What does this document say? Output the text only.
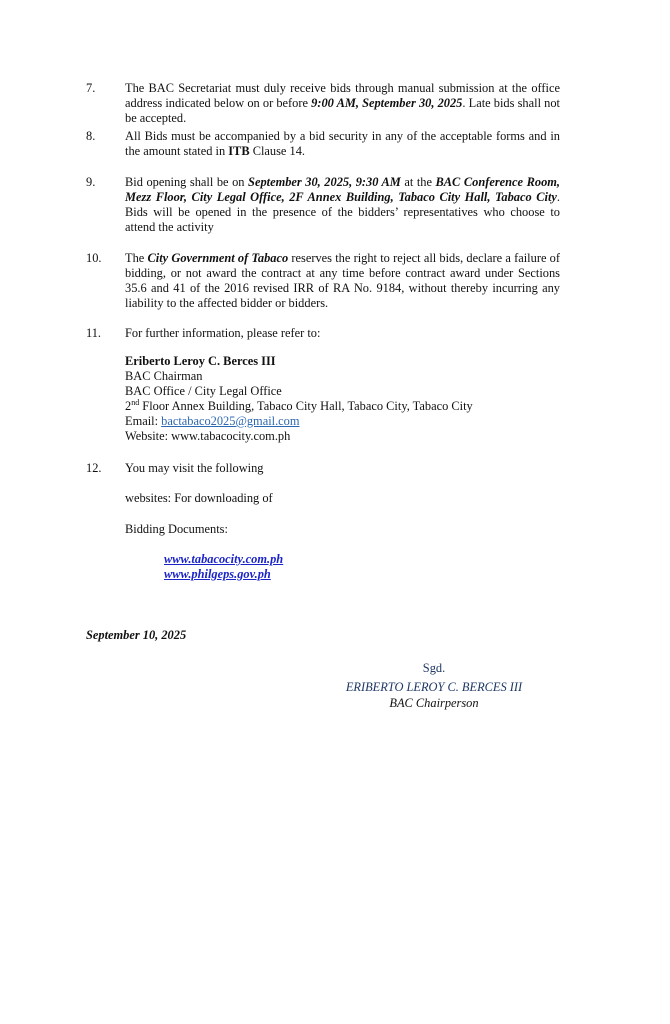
7. The BAC Secretariat must duly receive bids through manual submission at the office address indicated below on or before 9:00 AM, September 30, 2025. Late bids shall not be accepted.

8. All Bids must be accompanied by a bid security in any of the acceptable forms and in the amount stated in ITB Clause 14.

9. Bid opening shall be on September 30, 2025, 9:30 AM at the BAC Conference Room, Mezz Floor, City Legal Office, 2F Annex Building, Tabaco City Hall, Tabaco City. Bids will be opened in the presence of the bidders’ representatives who choose to attend the activity

10. The City Government of Tabaco reserves the right to reject all bids, declare a failure of bidding, or not award the contract at any time before contract award under Sections 35.6 and 41 of the 2016 revised IRR of RA No. 9184, without thereby incurring any liability to the affected bidder or bidders.

11. For further information, please refer to:

Eriberto Leroy C. Berces III
BAC Chairman
BAC Office / City Legal Office
2nd Floor Annex Building, Tabaco City Hall, Tabaco City, Tabaco City
Email: bactabaco2025@gmail.com
Website: www.tabacocity.com.ph
12. You may visit the following

websites: For downloading of
Bidding Documents:
www.tabacocity.com.ph
www.philgeps.gov.ph
September 10, 2025
Sgd.
ERIBERTO LEROY C. BERCES III
BAC Chairperson
